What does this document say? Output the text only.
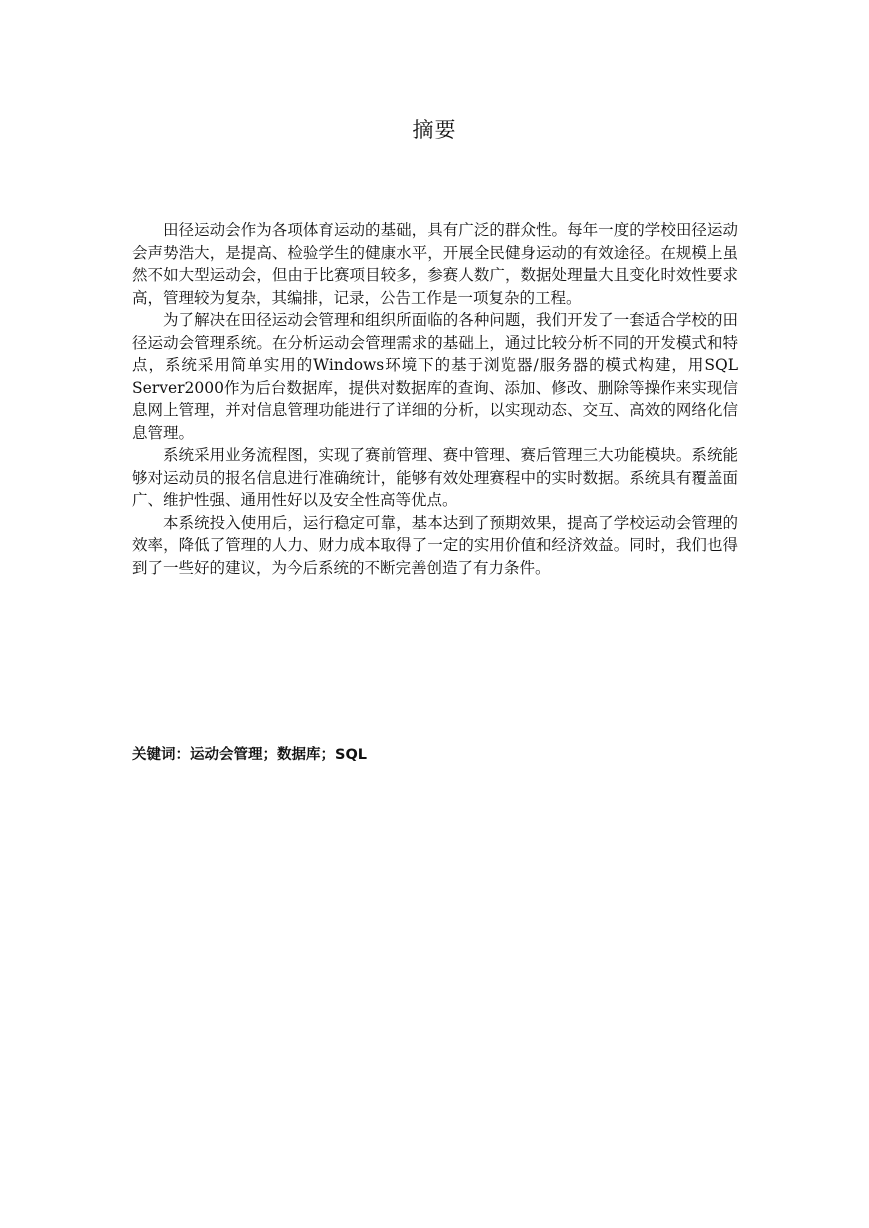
摘要

田径运动会作为各项体育运动的基础，具有广泛的群众性。每年一度的学校田径运动会声势浩大，是提高、检验学生的健康水平，开展全民健身运动的有效途径。在规模上虽然不如大型运动会，但由于比赛项目较多，参赛人数广，数据处理量大且变化时效性要求高，管理较为复杂，其编排，记录，公告工作是一项复杂的工程。

为了解决在田径运动会管理和组织所面临的各种问题，我们开发了一套适合学校的田径运动会管理系统。在分析运动会管理需求的基础上，通过比较分析不同的开发模式和特点，系统采用简单实用的Windows环境下的基于浏览器/服务器的模式构建，用SQL Server2000作为后台数据库，提供对数据库的查询、添加、修改、删除等操作来实现信息网上管理，并对信息管理功能进行了详细的分析，以实现动态、交互、高效的网络化信息管理。

系统采用业务流程图，实现了赛前管理、赛中管理、赛后管理三大功能模块。系统能够对运动员的报名信息进行准确统计，能够有效处理赛程中的实时数据。系统具有覆盖面广、维护性强、通用性好以及安全性高等优点。

本系统投入使用后，运行稳定可靠，基本达到了预期效果，提高了学校运动会管理的效率，降低了管理的人力、财力成本取得了一定的实用价值和经济效益。同时，我们也得到了一些好的建议，为今后系统的不断完善创造了有力条件。

关键词：运动会管理；数据库；SQL
